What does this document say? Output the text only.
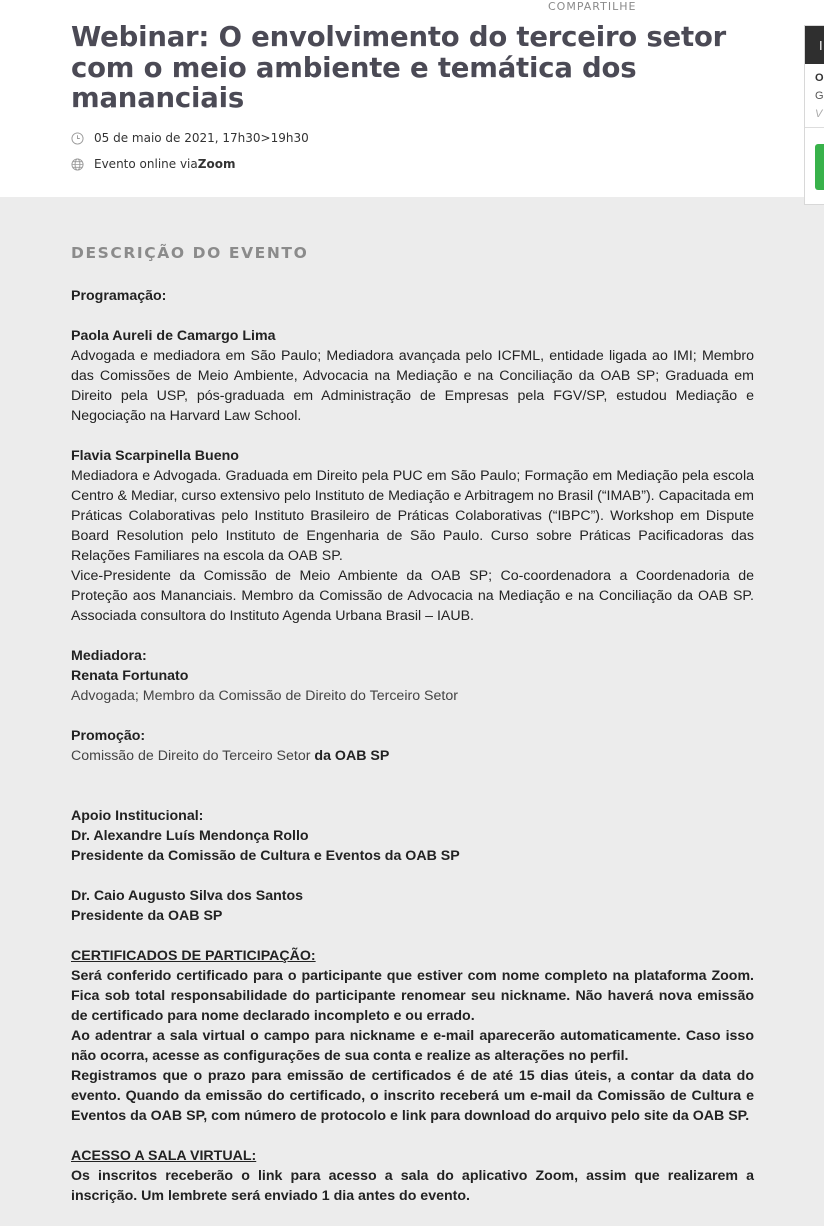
COMPARTILHE
Webinar: O envolvimento do terceiro setor com o meio ambiente e temática dos mananciais
05 de maio de 2021, 17h30>19h30
Evento online via Zoom
I
O
G
V
DESCRIÇÃO DO EVENTO

Programação:

Paola Aureli de Camargo Lima

Advogada e mediadora em São Paulo; Mediadora avançada pelo ICFML, entidade ligada ao IMI; Membro das Comissões de Meio Ambiente, Advocacia na Mediação e na Conciliação da OAB SP; Graduada em Direito pela USP, pós-graduada em Administração de Empresas pela FGV/SP, estudou Mediação e Negociação na Harvard Law School.

Flavia Scarpinella Bueno

Mediadora e Advogada. Graduada em Direito pela PUC em São Paulo; Formação em Mediação pela escola Centro & Mediar, curso extensivo pelo Instituto de Mediação e Arbitragem no Brasil (“IMAB”). Capacitada em Práticas Colaborativas pelo Instituto Brasileiro de Práticas Colaborativas (“IBPC”). Workshop em Dispute Board Resolution pelo Instituto de Engenharia de São Paulo. Curso sobre Práticas Pacificadoras das Relações Familiares na escola da OAB SP.

Vice-Presidente da Comissão de Meio Ambiente da OAB SP; Co-coordenadora a Coordenadoria de Proteção aos Mananciais. Membro da Comissão de Advocacia na Mediação e na Conciliação da OAB SP. Associada consultora do Instituto Agenda Urbana Brasil – IAUB.

Mediadora:

Renata Fortunato

Advogada; Membro da Comissão de Direito do Terceiro Setor

Promoção:

Comissão de Direito do Terceiro Setor da OAB SP

Apoio Institucional:

Dr. Alexandre Luís Mendonça Rollo

Presidente da Comissão de Cultura e Eventos da OAB SP

Dr. Caio Augusto Silva dos Santos

Presidente da OAB SP

CERTIFICADOS DE PARTICIPAÇÃO:

Será conferido certificado para o participante que estiver com nome completo na plataforma Zoom. Fica sob total responsabilidade do participante renomear seu nickname. Não haverá nova emissão de certificado para nome declarado incompleto e ou errado.

Ao adentrar a sala virtual o campo para nickname e e-mail aparecerão automaticamente. Caso isso não ocorra, acesse as configurações de sua conta e realize as alterações no perfil.

Registramos que o prazo para emissão de certificados é de até 15 dias úteis, a contar da data do evento. Quando da emissão do certificado, o inscrito receberá um e-mail da Comissão de Cultura e Eventos da OAB SP, com número de protocolo e link para download do arquivo pelo site da OAB SP.

ACESSO A SALA VIRTUAL:

Os inscritos receberão o link para acesso a sala do aplicativo Zoom, assim que realizarem a inscrição. Um lembrete será enviado 1 dia antes do evento.
